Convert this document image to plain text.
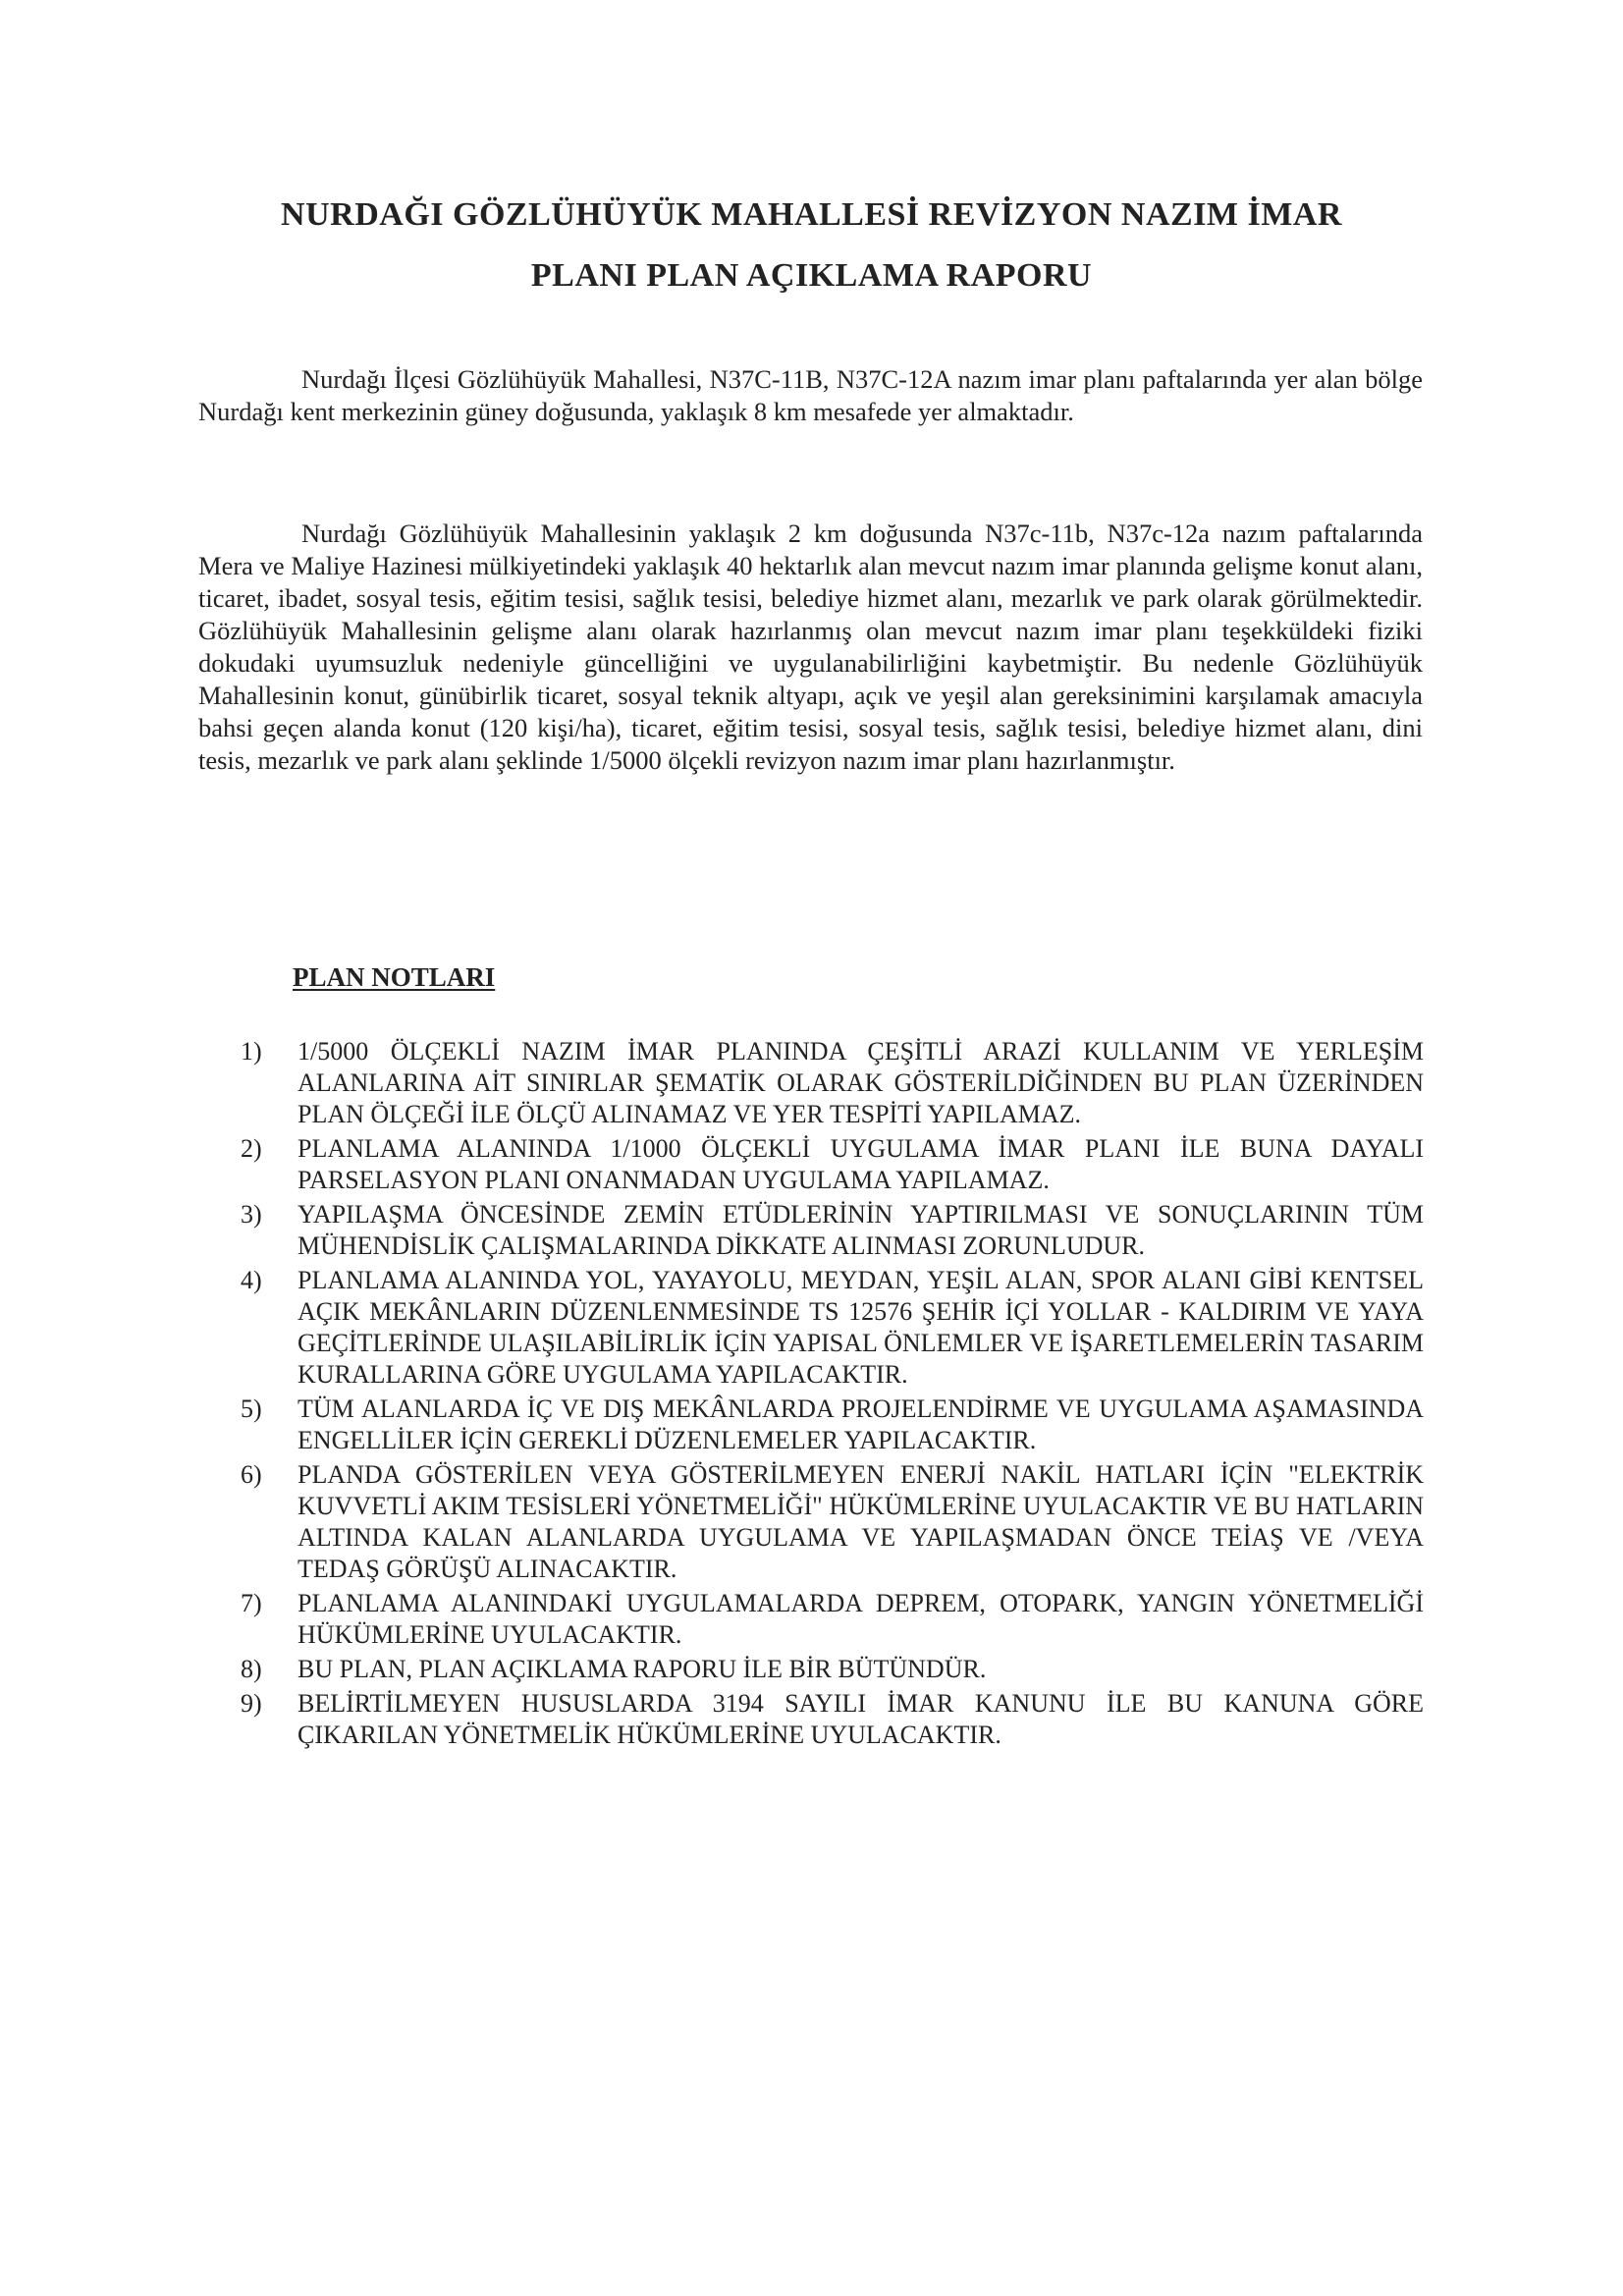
NURDAĞI GÖZLÜHÜYÜK MAHALLESİ REVİZYON NAZIM İMAR
PLANI PLAN AÇIKLAMA RAPORU

Nurdağı İlçesi Gözlühüyük Mahallesi, N37C-11B, N37C-12A nazım imar planı paftalarında yer alan bölge Nurdağı kent merkezinin güney doğusunda, yaklaşık 8 km mesafede yer almaktadır.

Nurdağı Gözlühüyük Mahallesinin yaklaşık 2 km doğusunda N37c-11b, N37c-12a nazım paftalarında Mera ve Maliye Hazinesi mülkiyetindeki yaklaşık 40 hektarlık alan mevcut nazım imar planında gelişme konut alanı, ticaret, ibadet, sosyal tesis, eğitim tesisi, sağlık tesisi, belediye hizmet alanı, mezarlık ve park olarak görülmektedir. Gözlühüyük Mahallesinin gelişme alanı olarak hazırlanmış olan mevcut nazım imar planı teşekküldeki fiziki dokudaki uyumsuzluk nedeniyle güncelliğini ve uygulanabilirliğini kaybetmiştir. Bu nedenle Gözlühüyük Mahallesinin konut, günübirlik ticaret, sosyal teknik altyapı, açık ve yeşil alan gereksinimini karşılamak amacıyla bahsi geçen alanda konut (120 kişi/ha), ticaret, eğitim tesisi, sosyal tesis, sağlık tesisi, belediye hizmet alanı, dini tesis, mezarlık ve park alanı şeklinde 1/5000 ölçekli revizyon nazım imar planı hazırlanmıştır.

PLAN NOTLARI
1) 1/5000 ÖLÇEKLİ NAZIM İMAR PLANINDA ÇEŞİTLİ ARAZİ KULLANIM VE YERLEŞİM ALANLARINA AİT SINIRLAR ŞEMATİK OLARAK GÖSTERİLDİĞİNDEN BU PLAN ÜZERİNDEN PLAN ÖLÇEĞİ İLE ÖLÇÜ ALINAMAZ VE YER TESPİTİ YAPILAMAZ.
2) PLANLAMA ALANINDA 1/1000 ÖLÇEKLİ UYGULAMA İMAR PLANI İLE BUNA DAYALI PARSELASYON PLANI ONANMADAN UYGULAMA YAPILAMAZ.
3) YAPILAŞMA ÖNCESİNDE ZEMİN ETÜDLERİNİN YAPTIRILMASI VE SONUÇLARININ TÜM MÜHENDİSLİK ÇALIŞMALARINDA DİKKATE ALINMASI ZORUNLUDUR.
4) PLANLAMA ALANINDA YOL, YAYAYOLU, MEYDAN, YEŞİL ALAN, SPOR ALANI GİBİ KENTSEL AÇIK MEKÂNLARIN DÜZENLENMESİNDE TS 12576 ŞEHİR İÇİ YOLLAR - KALDIRIM VE YAYA GEÇİTLERİNDE ULAŞILABİLİRLİK İÇİN YAPISAL ÖNLEMLER VE İŞARETLEMELERİN TASARIM KURALLARINA GÖRE UYGULAMA YAPILACAKTIR.
5) TÜM ALANLARDA İÇ VE DIŞ MEKÂNLARDA PROJELENDİRME VE UYGULAMA AŞAMASINDA ENGELLİLER İÇİN GEREKLİ DÜZENLEMELER YAPILACAKTIR.
6) PLANDA GÖSTERİLEN VEYA GÖSTERİLMEYEN ENERJİ NAKİL HATLARI İÇİN "ELEKTRİK KUVVETLİ AKIM TESİSLERİ YÖNETMELİĞİ" HÜKÜMLERİNE UYULACAKTIR VE BU HATLARIN ALTINDA KALAN ALANLARDA UYGULAMA VE YAPILAŞMADAN ÖNCE TEİAŞ VE /VEYA TEDAŞ GÖRÜŞÜ ALINACAKTIR.
7) PLANLAMA ALANINDAKİ UYGULAMALARDA DEPREM, OTOPARK, YANGIN YÖNETMELİĞİ HÜKÜMLERİNE UYULACAKTIR.
8) BU PLAN, PLAN AÇIKLAMA RAPORU İLE BİR BÜTÜNDÜR.
9) BELİRTİLMEYEN HUSUSLARDA 3194 SAYILI İMAR KANUNU İLE BU KANUNA GÖRE ÇIKARILAN YÖNETMELİK HÜKÜMLERİNE UYULACAKTIR.
